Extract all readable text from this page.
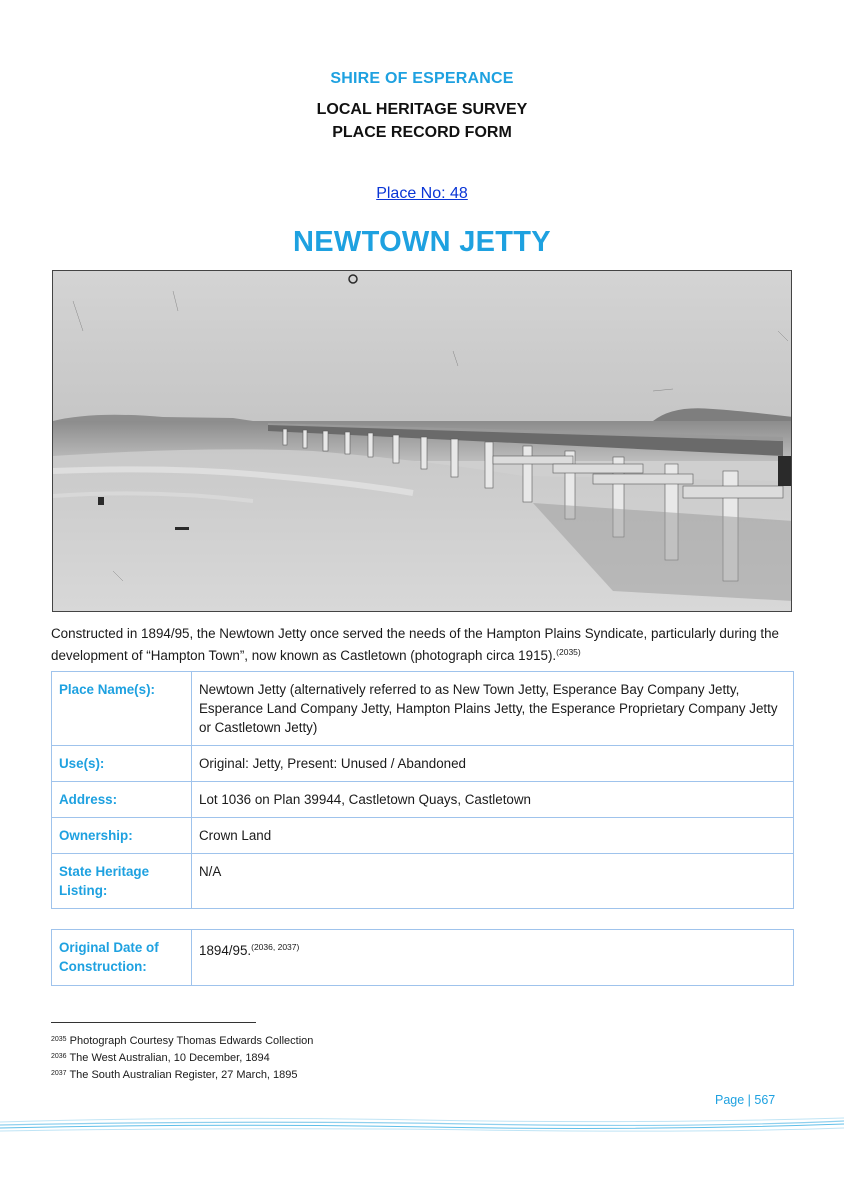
SHIRE OF ESPERANCE
LOCAL HERITAGE SURVEY
PLACE RECORD FORM
Place No: 48
NEWTOWN JETTY

Constructed in 1894/95, the Newtown Jetty once served the needs of the Hampton Plains Syndicate, particularly during the development of “Hampton Town”, now known as Castletown (photograph circa 1915).$^{(2035)}$

Place Name(s):	Newtown Jetty (alternatively referred to as New Town Jetty, Esperance Bay Company Jetty, Esperance Land Company Jetty, Hampton Plains Jetty, the Esperance Proprietary Company Jetty or Castletown Jetty)
Use(s):	Original: Jetty, Present: Unused / Abandoned
Address:	Lot 1036 on Plan 39944, Castletown Quays, Castletown
Ownership:	Crown Land
State Heritage Listing:	N/A
Original Date of Construction:	1894/95.$^{(2036, 2037)}$
$^{2035}$ Photograph Courtesy Thomas Edwards Collection
$^{2036}$ The West Australian, 10 December, 1894
$^{2037}$ The South Australian Register, 27 March, 1895
Page | 567
